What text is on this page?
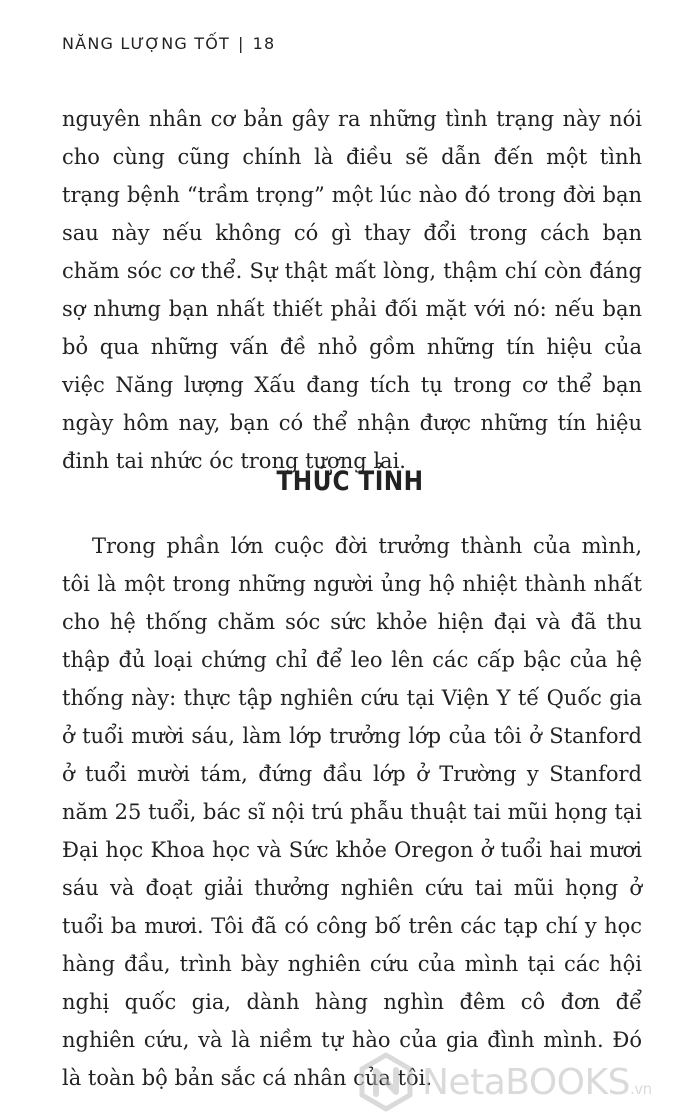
NĂNG LƯỢNG TỐT | 18

nguyên nhân cơ bản gây ra những tình trạng này nói cho cùng cũng chính là điều sẽ dẫn đến một tình trạng bệnh “trầm trọng” một lúc nào đó trong đời bạn sau này nếu không có gì thay đổi trong cách bạn chăm sóc cơ thể. Sự thật mất lòng, thậm chí còn đáng sợ nhưng bạn nhất thiết phải đối mặt với nó: nếu bạn bỏ qua những vấn đề nhỏ gồm những tín hiệu của việc Năng lượng Xấu đang tích tụ trong cơ thể bạn ngày hôm nay, bạn có thể nhận được những tín hiệu đinh tai nhức óc trong tương lai.

THỨC TỈNH

Trong phần lớn cuộc đời trưởng thành của mình, tôi là một trong những người ủng hộ nhiệt thành nhất cho hệ thống chăm sóc sức khỏe hiện đại và đã thu thập đủ loại chứng chỉ để leo lên các cấp bậc của hệ thống này: thực tập nghiên cứu tại Viện Y tế Quốc gia ở tuổi mười sáu, làm lớp trưởng lớp của tôi ở Stanford ở tuổi mười tám, đứng đầu lớp ở Trường y Stanford năm 25 tuổi, bác sĩ nội trú phẫu thuật tai mũi họng tại Đại học Khoa học và Sức khỏe Oregon ở tuổi hai mươi sáu và đoạt giải thưởng nghiên cứu tai mũi họng ở tuổi ba mươi. Tôi đã có công bố trên các tạp chí y học hàng đầu, trình bày nghiên cứu của mình tại các hội nghị quốc gia, dành hàng nghìn đêm cô đơn để nghiên cứu, và là niềm tự hào của gia đình mình. Đó là toàn bộ bản sắc cá nhân của tôi.

NetaBOOKS.vn
